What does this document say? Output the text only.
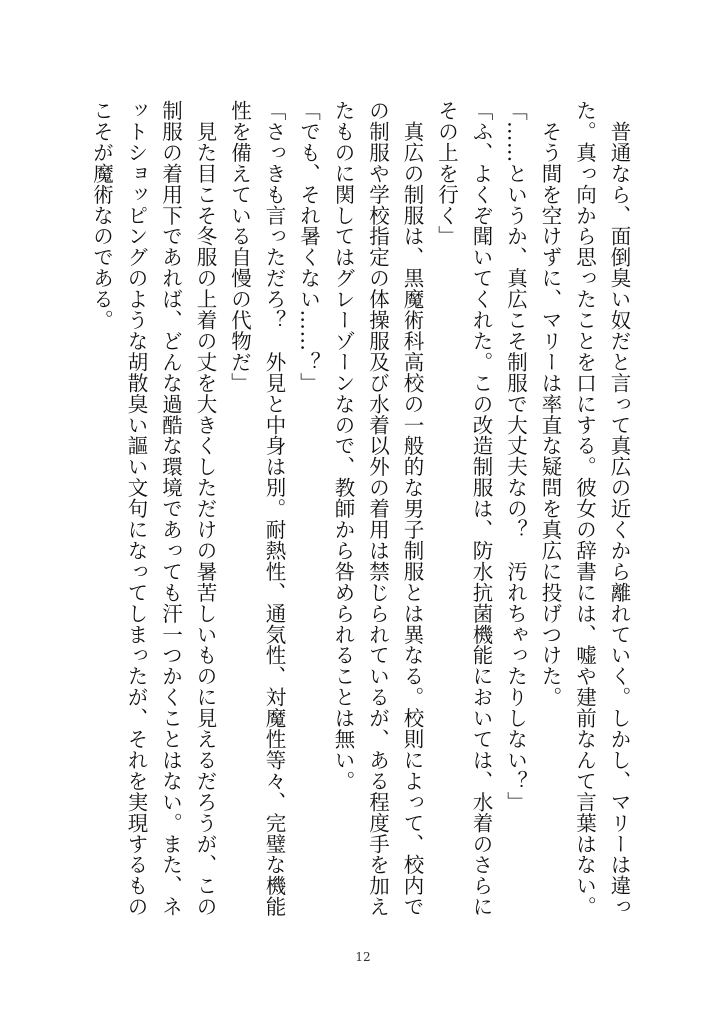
　普通なら、面倒臭い奴だと言って真広の近くから離れていく。しかし、マリーは違っ

た。真っ向から思ったことを口にする。彼女の辞書には、嘘や建前なんて言葉はない。

　そう間を空けずに、マリーは率直な疑問を真広に投げつけた。

「……というか、真広こそ制服で大丈夫なの？　汚れちゃったりしない？」

「ふ、よくぞ聞いてくれた。この改造制服は、防水抗菌機能においては、水着のさらに

その上を行く」

　真広の制服は、黒魔術科高校の一般的な男子制服とは異なる。校則によって、校内で

の制服や学校指定の体操服及び水着以外の着用は禁じられているが、ある程度手を加え

たものに関してはグレーゾーンなので、教師から咎められることは無い。

「でも、それ暑くない……？」

「さっきも言っただろ？　外見と中身は別。耐熱性、通気性、対魔性等々、完璧な機能

性を備えている自慢の代物だ」

　見た目こそ冬服の上着の丈を大きくしただけの暑苦しいものに見えるだろうが、この

制服の着用下であれば、どんな過酷な環境であっても汗一つかくことはない。また、ネ

ットショッピングのような胡散臭い謳い文句になってしまったが、それを実現するもの

こそが魔術なのである。

12
